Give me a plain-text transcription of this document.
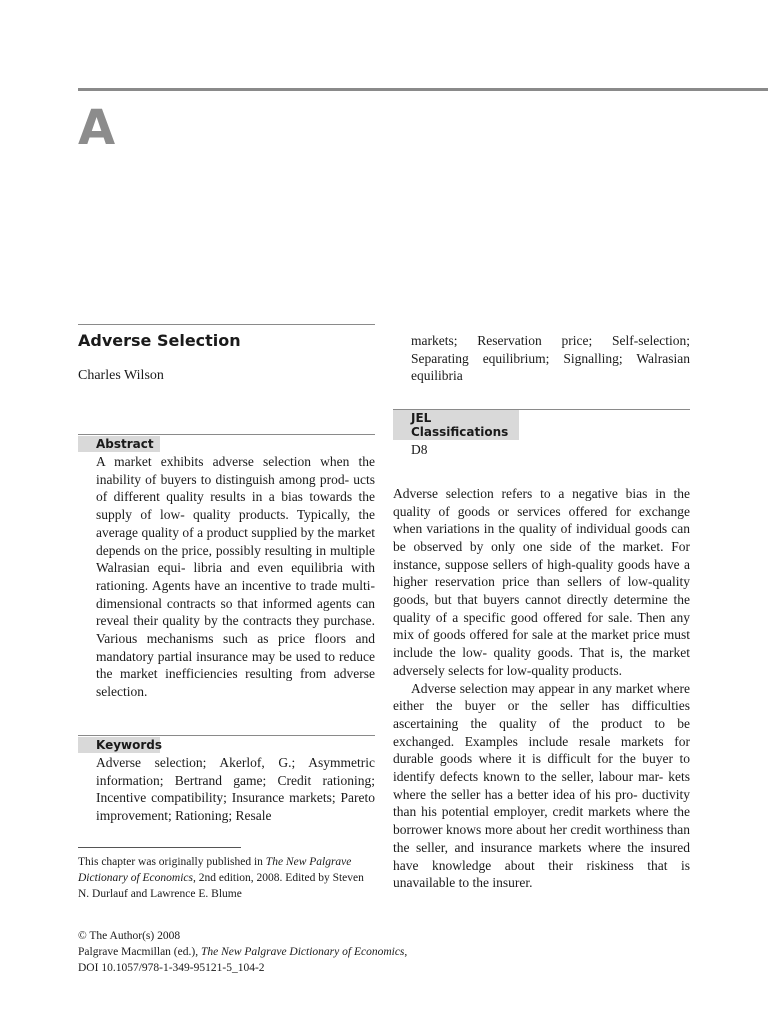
A
Adverse Selection
Charles Wilson
Abstract
A market exhibits adverse selection when the inability of buyers to distinguish among prod- ucts of different quality results in a bias towards the supply of low- quality products. Typically, the average quality of a product supplied by the market depends on the price, possibly resulting in multiple Walrasian equi- libria and even equilibria with rationing. Agents have an incentive to trade multi- dimensional contracts so that informed agents can reveal their quality by the contracts they purchase. Various mechanisms such as price floors and mandatory partial insurance may be used to reduce the market inefficiencies resulting from adverse selection.
Keywords
Adverse selection; Akerlof, G.; Asymmetric information; Bertrand game; Credit rationing; Incentive compatibility; Insurance markets; Pareto improvement; Rationing; Resale
This chapter was originally published in The New Palgrave Dictionary of Economics, 2nd edition, 2008. Edited by Steven N. Durlauf and Lawrence E. Blume
markets; Reservation price; Self-selection; Separating equilibrium; Signalling; Walrasian equilibria
JEL Classifications
D8

Adverse selection refers to a negative bias in the quality of goods or services offered for exchange when variations in the quality of individual goods can be observed by only one side of the market. For instance, suppose sellers of high-quality goods have a higher reservation price than sellers of low-quality goods, but that buyers cannot directly determine the quality of a specific good offered for sale. Then any mix of goods offered for sale at the market price must include the low- quality goods. That is, the market adversely selects for low-quality products.

Adverse selection may appear in any market where either the buyer or the seller has difficulties ascertaining the quality of the product to be exchanged. Examples include resale markets for durable goods where it is difficult for the buyer to identify defects known to the seller, labour mar- kets where the seller has a better idea of his pro- ductivity than his potential employer, credit markets where the borrower knows more about her credit worthiness than the seller, and insurance markets where the insured have knowledge about their riskiness that is unavailable to the insurer.

© The Author(s) 2008
Palgrave Macmillan (ed.), The New Palgrave Dictionary of Economics,
DOI 10.1057/978-1-349-95121-5_104-2
